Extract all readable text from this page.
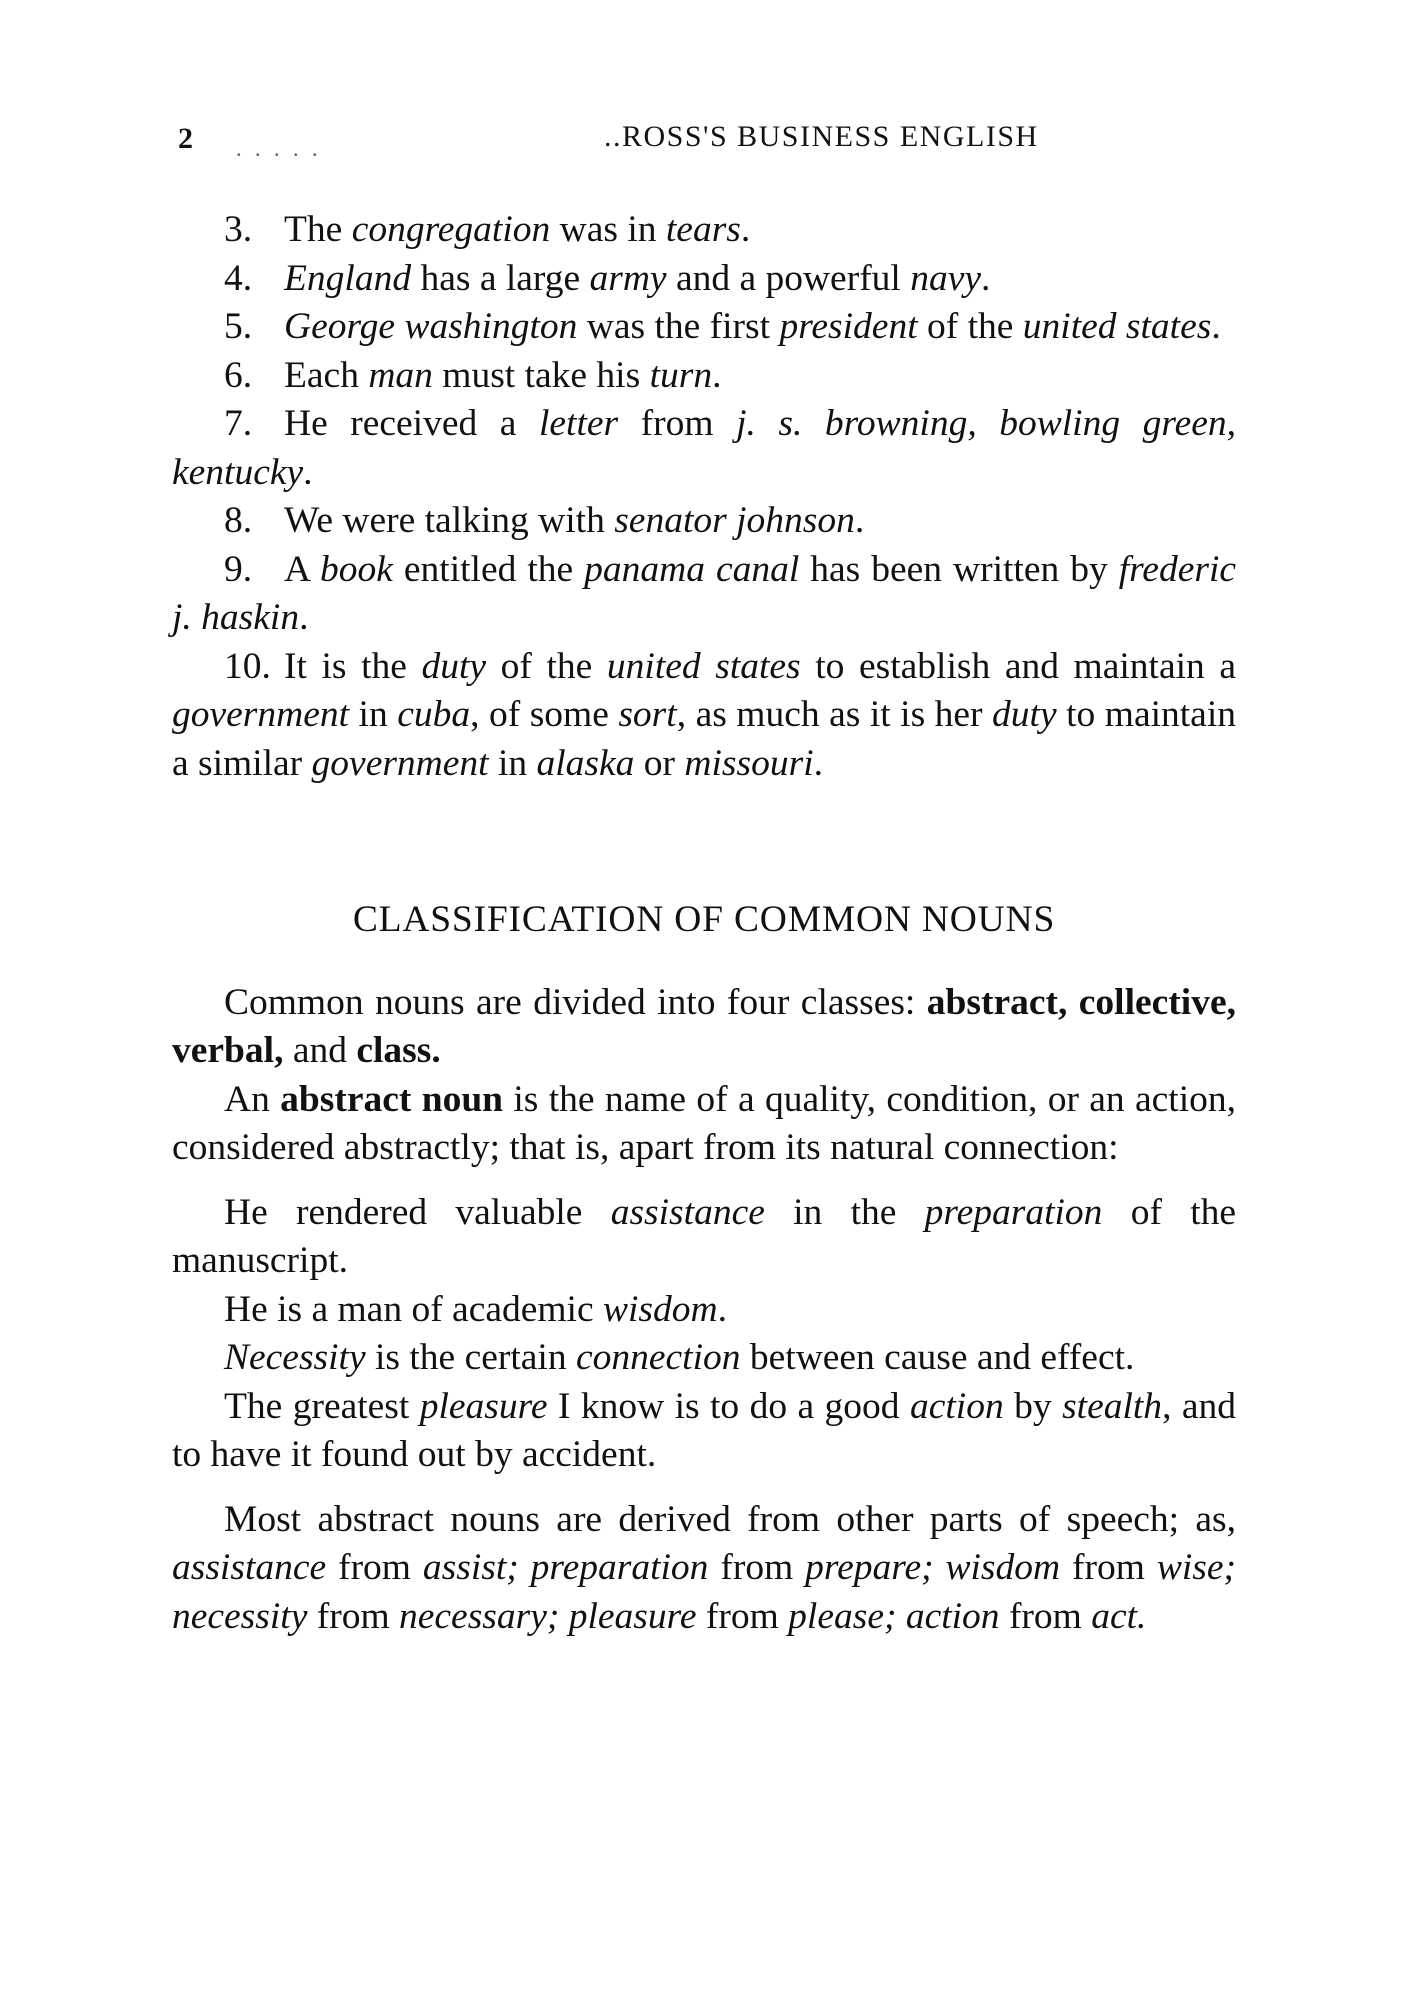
2 . . . . .	..ROSS'S BUSINESS ENGLISH

3. The congregation was in tears.

4. England has a large army and a powerful navy.

5. George washington was the first president of the united states.

6. Each man must take his turn.

7. He received a letter from j. s. browning, bowling green, kentucky.

8. We were talking with senator johnson.

9. A book entitled the panama canal has been written by frederic j. haskin.

10. It is the duty of the united states to establish and maintain a government in cuba, of some sort, as much as it is her duty to maintain a similar government in alaska or missouri.

CLASSIFICATION OF COMMON NOUNS

Common nouns are divided into four classes: abstract, collective, verbal, and class.

An abstract noun is the name of a quality, condition, or an action, considered abstractly; that is, apart from its natural connection:

He rendered valuable assistance in the preparation of the manuscript.

He is a man of academic wisdom.

Necessity is the certain connection between cause and effect.

The greatest pleasure I know is to do a good action by stealth, and to have it found out by accident.

Most abstract nouns are derived from other parts of speech; as, assistance from assist; preparation from prepare; wisdom from wise; necessity from necessary; pleasure from please; action from act.
